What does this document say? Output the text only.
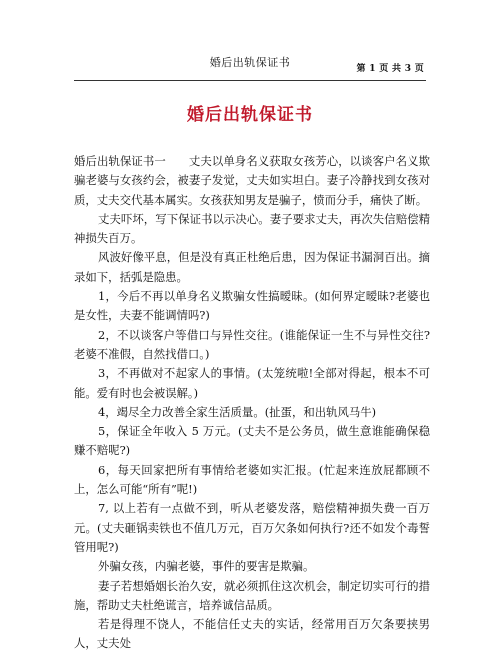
婚后出轨保证书	第 1 页 共 3 页
婚后出轨保证书

婚后出轨保证书一　　丈夫以单身名义获取女孩芳心，以谈客户名义欺骗老婆与女孩约会，被妻子发觉，丈夫如实坦白。妻子冷静找到女孩对质，丈夫交代基本属实。女孩获知男友是骗子，愤而分手，痛快了断。

丈夫吓坏，写下保证书以示决心。妻子要求丈夫，再次失信赔偿精神损失百万。

风波好像平息，但是没有真正杜绝后患，因为保证书漏洞百出。摘录如下，括弧是隐患。

1，今后不再以单身名义欺骗女性搞暧昧。(如何界定暧昧?老婆也是女性，夫妻不能调情吗?)

2，不以谈客户等借口与异性交往。(谁能保证一生不与异性交往?老婆不准假，自然找借口。)

3，不再做对不起家人的事情。(太笼统啦!全部对得起，根本不可能。爱有时也会被误解。)

4，竭尽全力改善全家生活质量。(扯蛋，和出轨风马牛)

5，保证全年收入 5 万元。(丈夫不是公务员，做生意谁能确保稳赚不赔呢?)

6，每天回家把所有事情给老婆如实汇报。(忙起来连放屁都顾不上，怎么可能“所有”呢!)

7, 以上若有一点做不到，听从老婆发落，赔偿精神损失费一百万元。(丈夫砸锅卖铁也不值几万元，百万欠条如何执行?还不如发个毒誓管用呢?)

外骗女孩，内骗老婆，事件的要害是欺骗。

妻子若想婚姻长治久安，就必须抓住这次机会，制定切实可行的措施，帮助丈夫杜绝谎言，培养诚信品质。

若是得理不饶人，不能信任丈夫的实话，经常用百万欠条要挟男人，丈夫处
